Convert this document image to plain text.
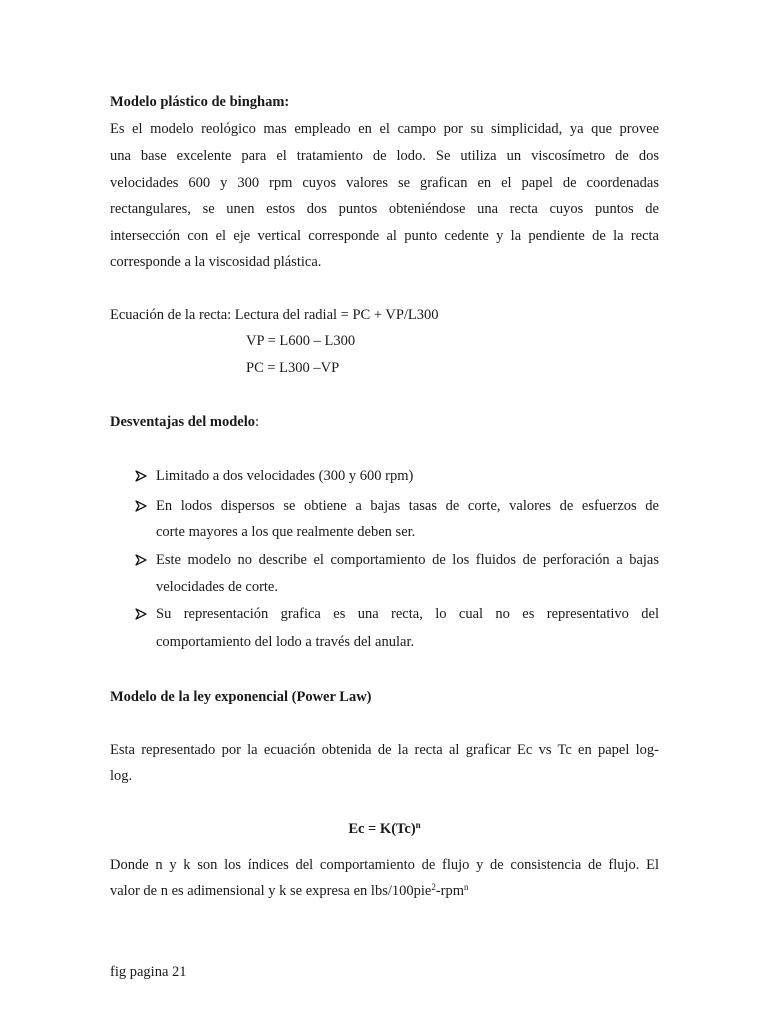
Modelo plástico de bingham:
Es el modelo reológico mas empleado en el campo por su simplicidad, ya que provee
una base excelente para el tratamiento de lodo. Se utiliza un viscosímetro de dos
velocidades 600 y 300 rpm cuyos valores se grafican en el papel de coordenadas
rectangulares, se unen estos dos puntos obteniéndose una recta cuyos puntos de
intersección con el eje vertical corresponde al punto cedente y la pendiente de la recta
corresponde a la viscosidad plástica.
Ecuación de la recta: Lectura del radial = PC + VP/L300
VP = L600 – L300
PC = L300 –VP
Desventajas del modelo:
Limitado a dos velocidades (300 y 600 rpm)
En lodos dispersos se obtiene a bajas tasas de corte, valores de esfuerzos de
corte mayores a los que realmente deben ser.
Este modelo no describe el comportamiento de los fluidos de perforación a bajas
velocidades de corte.
Su representación grafica es una recta, lo cual no es representativo del
comportamiento del lodo a través del anular.
Modelo de la ley exponencial (Power Law)
Esta representado por la ecuación obtenida de la recta al graficar Ec vs Tc en papel log-
log.
$Ec = K(Tc)^n$
Donde n y k son los índices del comportamiento de flujo y de consistencia de flujo. El
valor de n es adimensional y k se expresa en lbs/100pie$^2$-rpm$^n$
fig pagina 21
